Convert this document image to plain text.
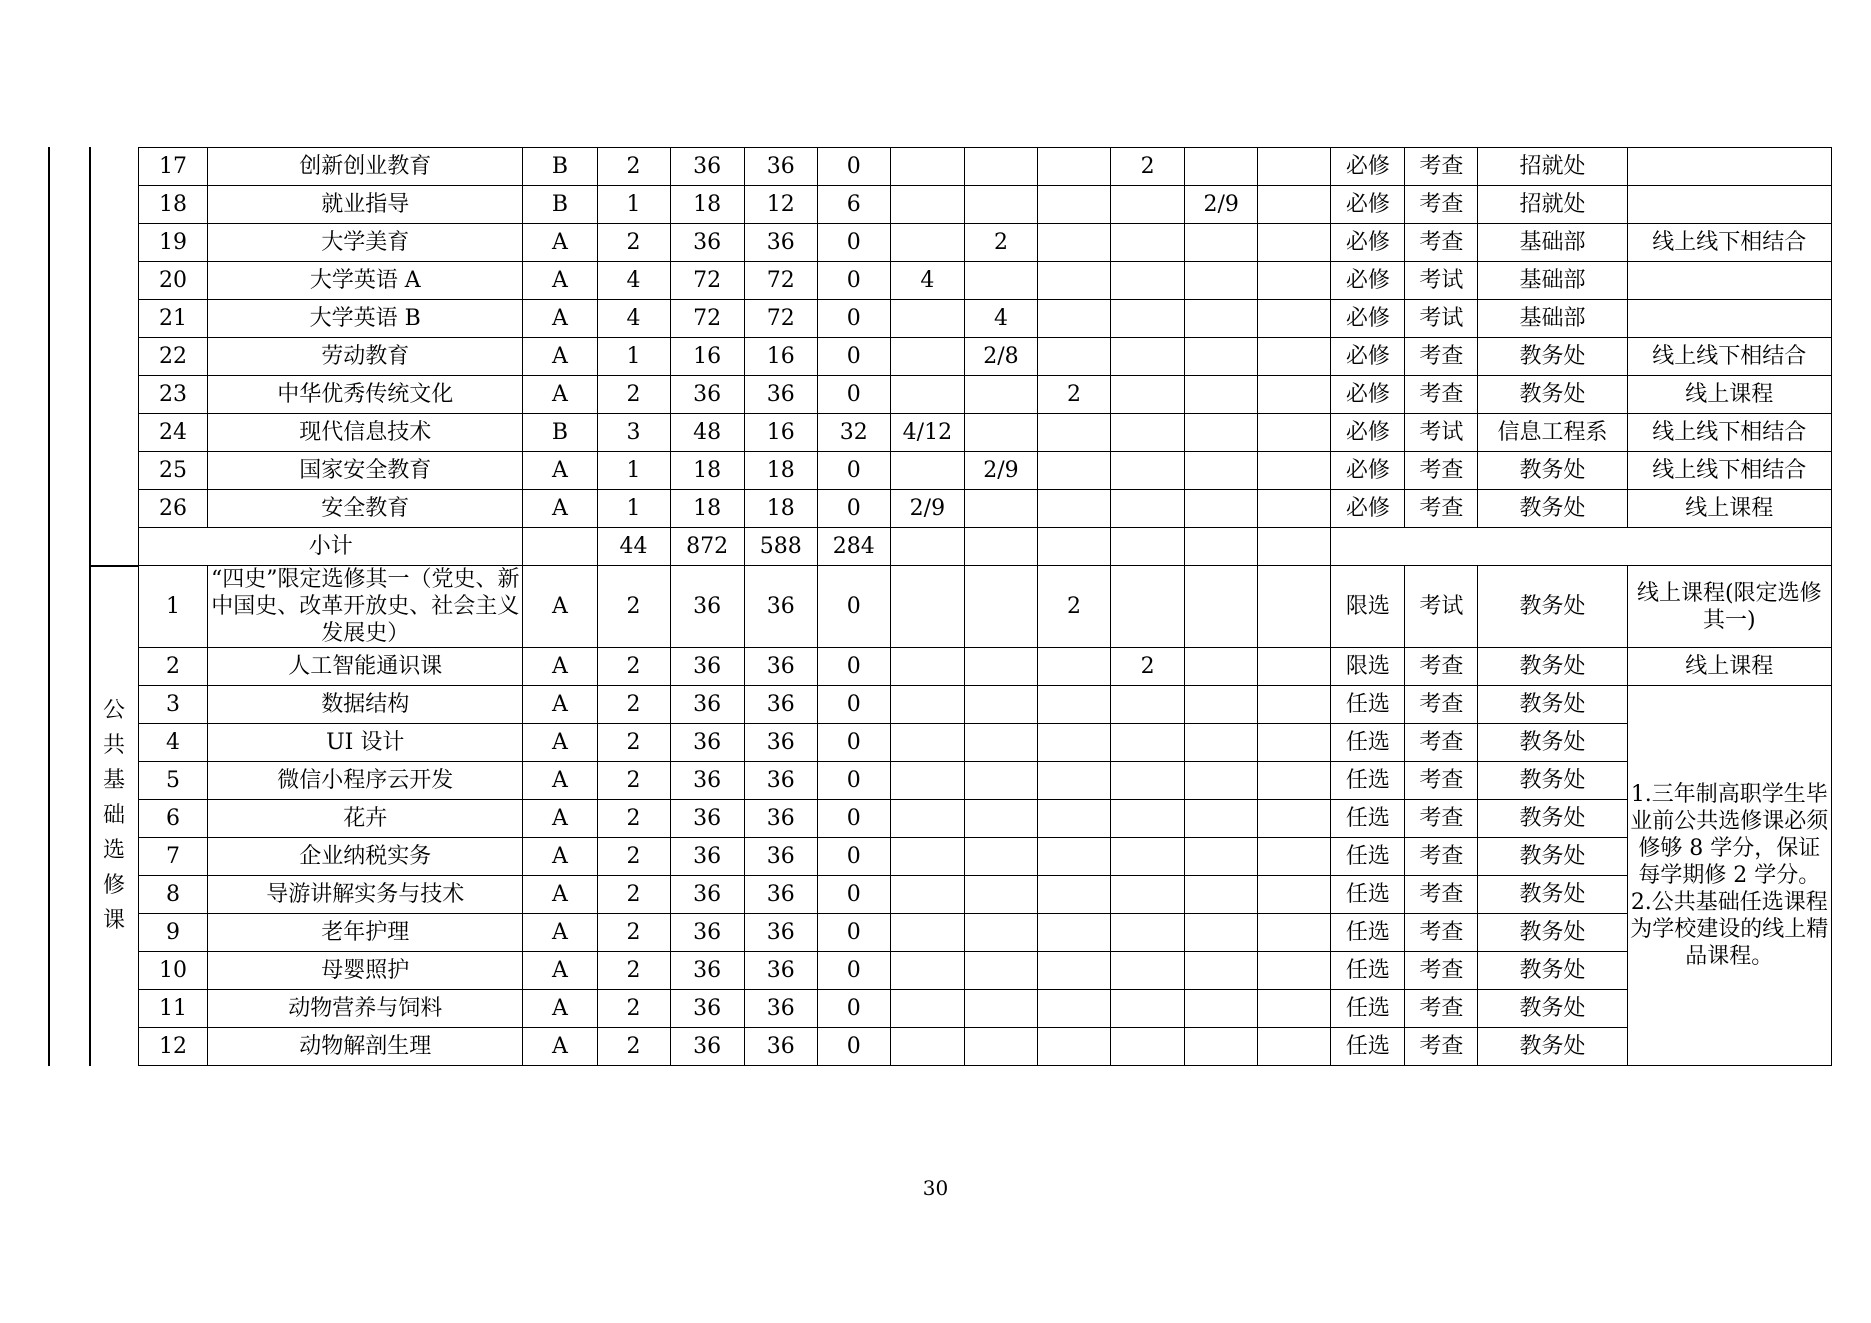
17	创新创业教育	B	2	36	36	0				2			必修	考查	招就处	
18	就业指导	B	1	18	12	6					2/9		必修	考查	招就处	
19	大学美育	A	2	36	36	0		2					必修	考查	基础部	线上线下相结合
20	大学英语 A	A	4	72	72	0	4						必修	考试	基础部	
21	大学英语 B	A	4	72	72	0		4					必修	考试	基础部	
22	劳动教育	A	1	16	16	0		2/8					必修	考查	教务处	线上线下相结合
23	中华优秀传统文化	A	2	36	36	0			2				必修	考查	教务处	线上课程
24	现代信息技术	B	3	48	16	32	4/12						必修	考试	信息工程系	线上线下相结合
25	国家安全教育	A	1	18	18	0		2/9					必修	考查	教务处	线上线下相结合
26	安全教育	A	1	18	18	0	2/9						必修	考查	教务处	线上课程
小计			44	872	588	284										
1	“四史”限定选修其一（党史、新中国史、改革开放史、社会主义发展史）	A	2	36	36	0			2				限选	考试	教务处	线上课程(限定选修其一)
2	人工智能通识课	A	2	36	36	0				2			限选	考查	教务处	线上课程
3	数据结构	A	2	36	36	0							任选	考查	教务处	1.三年制高职学生毕业前公共选修课必须修够 8 学分，保证每学期修 2 学分。
2.公共基础任选课程为学校建设的线上精品课程。

4	UI 设计	A	2	36	36	0							任选	考查	教务处	
5	微信小程序云开发	A	2	36	36	0							任选	考查	教务处	
6	花卉	A	2	36	36	0							任选	考查	教务处	
7	企业纳税实务	A	2	36	36	0							任选	考查	教务处	
8	导游讲解实务与技术	A	2	36	36	0							任选	考查	教务处	
9	老年护理	A	2	36	36	0							任选	考查	教务处	
10	母婴照护	A	2	36	36	0							任选	考查	教务处	
11	动物营养与饲料	A	2	36	36	0							任选	考查	教务处	
12	动物解剖生理	A	2	36	36	0							任选	考查	教务处	
30
公
共
基
础
选
修
课
